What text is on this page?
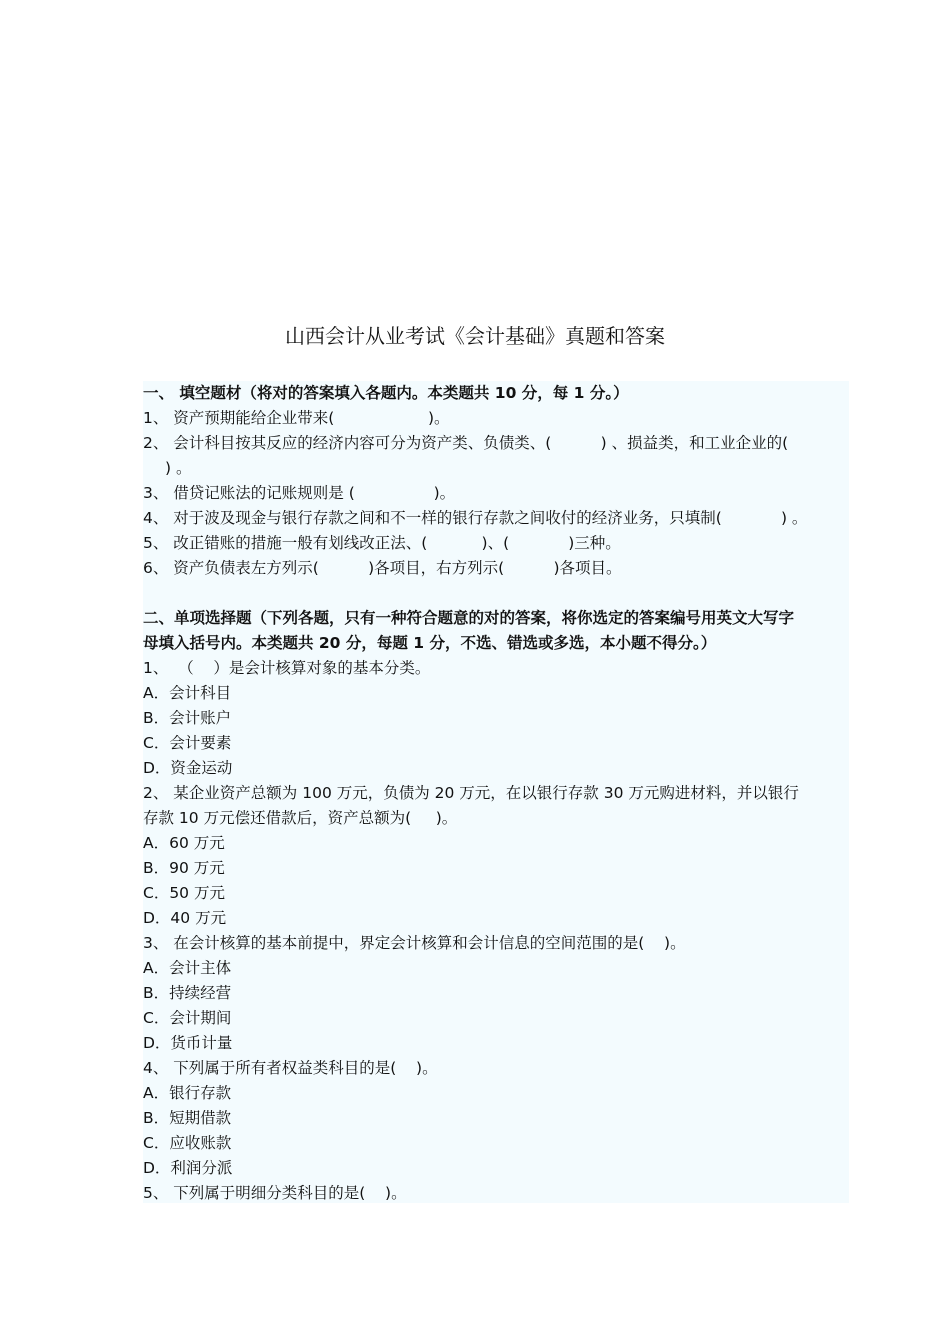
山西会计从业考试《会计基础》真题和答案
一、 填空题材（将对的答案填入各题内。本类题共 10 分，每 1 分。）
1、 资产预期能给企业带来(                   )。
2、 会计科目按其反应的经济内容可分为资产类、负债类、(          ) 、损益类，和工业企业的(
) 。
3、 借贷记账法的记账规则是 (                )。
4、 对于波及现金与银行存款之间和不一样的银行存款之间收付的经济业务，只填制(            ) 。
5、 改正错账的措施一般有划线改正法、(           )、(            )三种。
6、 资产负债表左方列示(          )各项目，右方列示(          )各项目。
二、单项选择题（下列各题，只有一种符合题意的对的答案，将你选定的答案编号用英文大写字
母填入括号内。本类题共 20 分，每题 1 分，不选、错选或多选，本小题不得分。）
1、  （    ）是会计核算对象的基本分类。
A．会计科目
B．会计账户
C．会计要素
D．资金运动
2、 某企业资产总额为 100 万元，负债为 20 万元，在以银行存款 30 万元购进材料，并以银行
存款 10 万元偿还借款后，资产总额为(     )。
A．60 万元
B．90 万元
C．50 万元
D．40 万元
3、 在会计核算的基本前提中，界定会计核算和会计信息的空间范围的是(    )。
A．会计主体
B．持续经营
C．会计期间
D．货币计量
4、 下列属于所有者权益类科目的是(    )。
A．银行存款
B．短期借款
C．应收账款
D．利润分派
5、 下列属于明细分类科目的是(    )。
